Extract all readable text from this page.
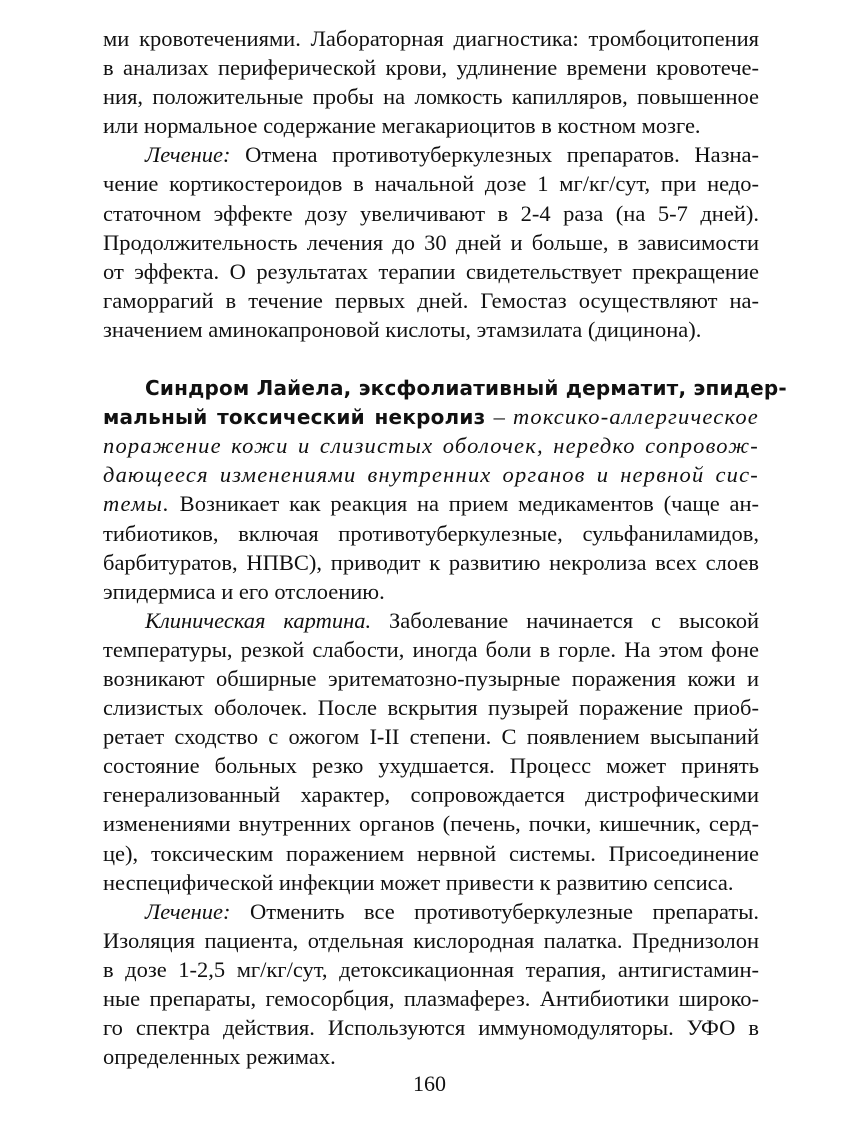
ми кровотечениями. Лабораторная диагностика: тромбоцитопения
в анализах периферической крови, удлинение времени кровотече-
ния, положительные пробы на ломкость капилляров, повышенное
или нормальное содержание мегакариоцитов в костном мозге.
Лечение: Отмена противотуберкулезных препаратов. Назна-
чение кортикостероидов в начальной дозе 1 мг/кг/сут, при недо-
статочном эффекте дозу увеличивают в 2-4 раза (на 5-7 дней).
Продолжительность лечения до 30 дней и больше, в зависимости
от эффекта. О результатах терапии свидетельствует прекращение
гаморрагий в течение первых дней. Гемостаз осуществляют на-
значением аминокапроновой кислоты, этамзилата (дицинона).
Синдром Лайела, эксфолиативный дерматит, эпидер-
мальный токсический некролиз – токсико-аллергическое
поражение кожи и слизистых оболочек, нередко сопровож-
дающееся изменениями внутренних органов и нервной сис-
темы. Возникает как реакция на прием медикаментов (чаще ан-
тибиотиков, включая противотуберкулезные, сульфаниламидов,
барбитуратов, НПВС), приводит к развитию некролиза всех слоев
эпидермиса и его отслоению.
Клиническая картина. Заболевание начинается с высокой
температуры, резкой слабости, иногда боли в горле. На этом фоне
возникают обширные эритематозно-пузырные поражения кожи и
слизистых оболочек. После вскрытия пузырей поражение приоб-
ретает сходство с ожогом I-II степени. С появлением высыпаний
состояние больных резко ухудшается. Процесс может принять
генерализованный характер, сопровождается дистрофическими
изменениями внутренних органов (печень, почки, кишечник, серд-
це), токсическим поражением нервной системы. Присоединение
неспецифической инфекции может привести к развитию сепсиса.
Лечение: Отменить все противотуберкулезные препараты.
Изоляция пациента, отдельная кислородная палатка. Преднизолон
в дозе 1-2,5 мг/кг/сут, детоксикационная терапия, антигистамин-
ные препараты, гемосорбция, плазмаферез. Антибиотики широко-
го спектра действия. Используются иммуномодуляторы. УФО в
определенных режимах.
160
